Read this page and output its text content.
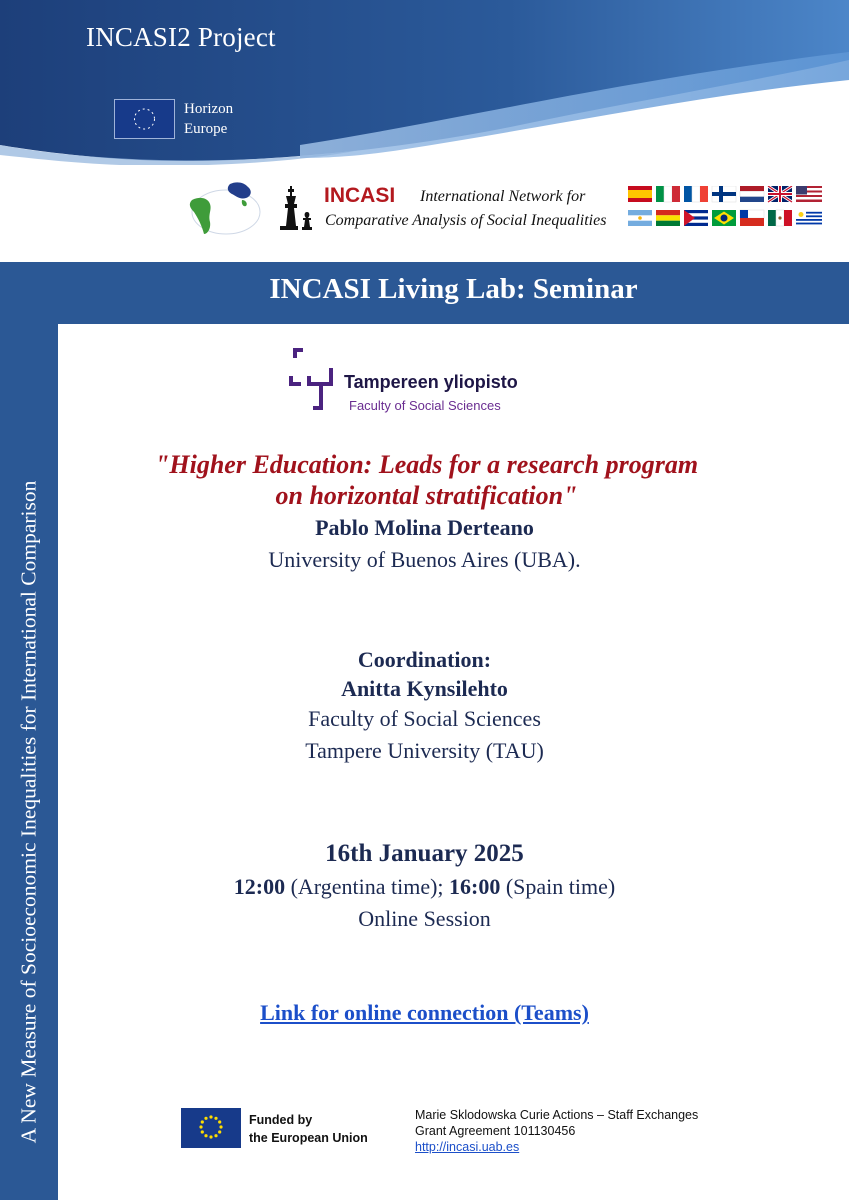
INCASI2 Project
Horizon
Europe
INCASI International Network for
Comparative Analysis of Social Inequalities
A New Measure of Socioeconomic Inequalities for International Comparison
INCASI Living Lab: Seminar
Tampereen yliopisto
Faculty of Social Sciences
"Higher Education: Leads for a research program
on horizontal stratification"
Pablo Molina Derteano
University of Buenos Aires (UBA).
Coordination:
Anitta Kynsilehto
Faculty of Social Sciences
Tampere University (TAU)
16th January 2025
12:00 (Argentina time); 16:00 (Spain time)
Online Session
Link for online connection (Teams)
Funded by
the European Union
Marie Sklodowska Curie Actions – Staff Exchanges
Grant Agreement 101130456
http://incasi.uab.es
